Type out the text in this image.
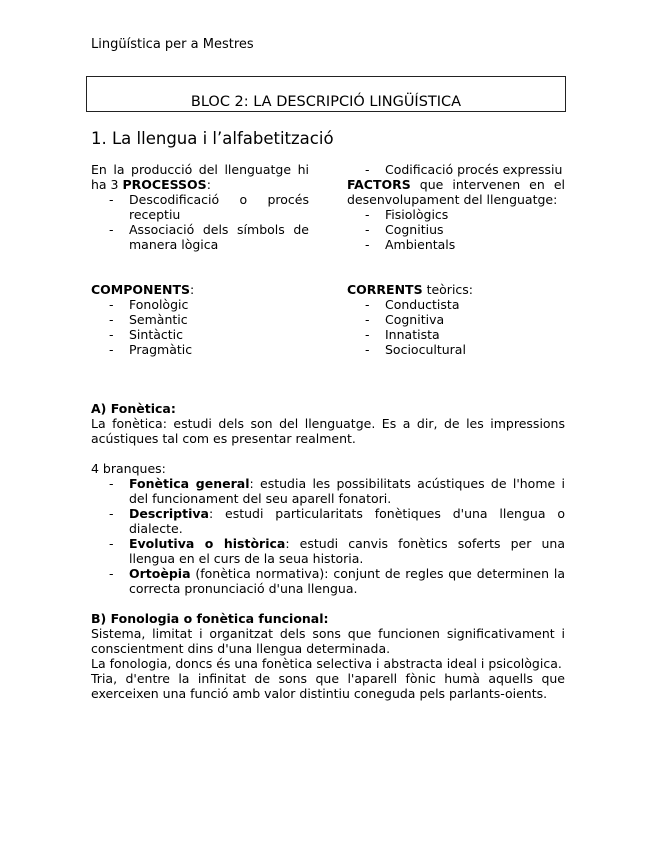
Lingüística per a Mestres
BLOC 2: LA DESCRIPCIÓ LINGÜÍSTICA
1. La llengua i l’alfabetització

En la producció del llenguatge hi ha 3 PROCESSOS:

- Descodificació o procés receptiu
- Associació dels símbols de manera lògica

COMPONENTS:

- Fonològic
- Semàntic
- Sintàctic
- Pragmàtic
- Codificació procés expressiu

FACTORS que intervenen en el desenvolupament del llenguatge:

- Fisiològics
- Cognitius
- Ambientals

CORRENTS teòrics:

- Conductista
- Cognitiva
- Innatista
- Sociocultural

A) Fonètica:

La fonètica: estudi dels son del llenguatge. Es a dir, de les impressions acústiques tal com es presentar realment.

4 branques:

- Fonètica general: estudia les possibilitats acústiques de l'home i del funcionament del seu aparell fonatori.
- Descriptiva: estudi particularitats fonètiques d'una llengua o dialecte.
- Evolutiva o històrica: estudi canvis fonètics soferts per una llengua en el curs de la seua historia.
- Ortoèpia (fonètica normativa): conjunt de regles que determinen la correcta pronunciació d'una llengua.

B) Fonologia o fonètica funcional:

Sistema, limitat i organitzat dels sons que funcionen significativament i conscientment dins d'una llengua determinada.

La fonologia, doncs és una fonètica selectiva i abstracta ideal i psicològica.

Tria, d'entre la infinitat de sons que l'aparell fònic humà aquells que exerceixen una funció amb valor distintiu coneguda pels parlants-oients.
